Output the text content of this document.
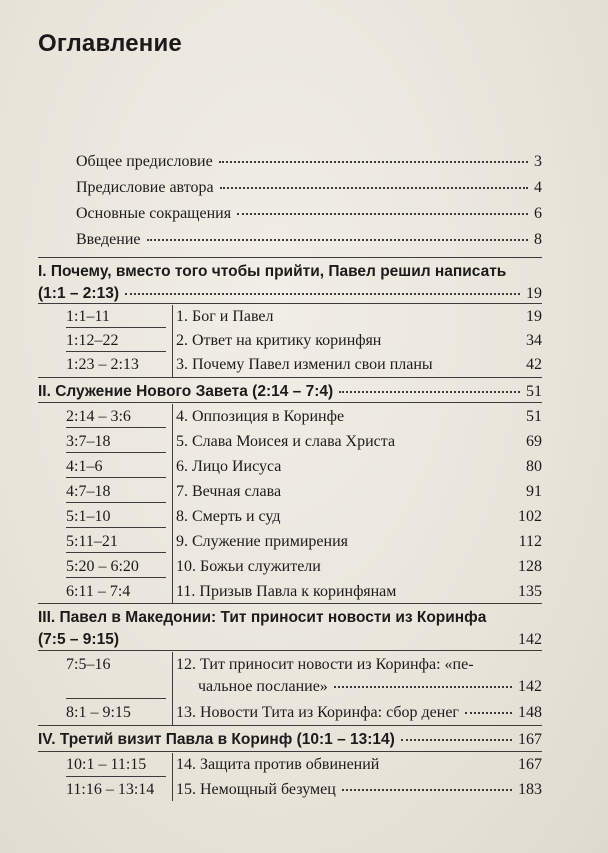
Оглавление
Общее предисловие	3
Предисловие автора	4
Основные сокращения	6
Введение	8
I. Почему, вместо того чтобы прийти, Павел решил написать
(1:1 – 2:13)	19
1:1–11	1. Бог и Павел	19
1:12–22	2. Ответ на критику коринфян	34
1:23 – 2:13	3. Почему Павел изменил свои планы	42
II. Служение Нового Завета (2:14 – 7:4)	51
2:14 – 3:6	4. Оппозиция в Коринфе	51
3:7–18	5. Слава Моисея и слава Христа	69
4:1–6	6. Лицо Иисуса	80
4:7–18	7. Вечная слава	91
5:1–10	8. Смерть и суд	102
5:11–21	9. Служение примирения	112
5:20 – 6:20	10. Божьи служители	128
6:11 – 7:4	11. Призыв Павла к коринфянам	135
III. Павел в Македонии: Тит приносит новости из Коринфа
(7:5 – 9:15)	142
7:5–16	12. Тит приносит новости из Коринфа: «пе-
чальное послание»	142
8:1 – 9:15	13. Новости Тита из Коринфа: сбор денег	148
IV. Третий визит Павла в Коринф (10:1 – 13:14)	167
10:1 – 11:15	14. Защита против обвинений	167
11:16 – 13:14	15. Немощный безумец	183
